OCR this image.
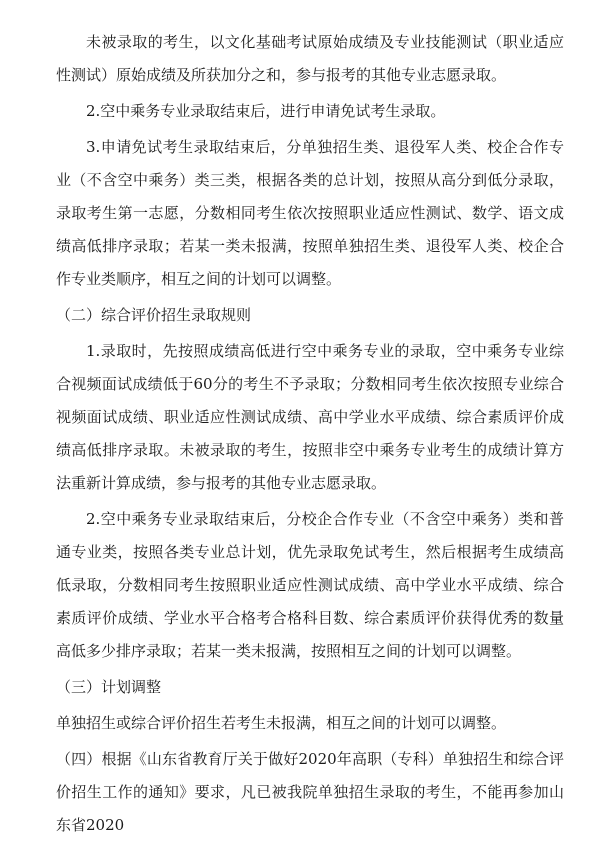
未被录取的考生，以文化基础考试原始成绩及专业技能测试（职业适应性测试）原始成绩及所获加分之和，参与报考的其他专业志愿录取。

2.空中乘务专业录取结束后，进行申请免试考生录取。

3.申请免试考生录取结束后，分单独招生类、退役军人类、校企合作专业（不含空中乘务）类三类，根据各类的总计划，按照从高分到低分录取，录取考生第一志愿，分数相同考生依次按照职业适应性测试、数学、语文成绩高低排序录取；若某一类未报满，按照单独招生类、退役军人类、校企合作专业类顺序，相互之间的计划可以调整。

（二）综合评价招生录取规则

1.录取时，先按照成绩高低进行空中乘务专业的录取，空中乘务专业综合视频面试成绩低于60分的考生不予录取；分数相同考生依次按照专业综合视频面试成绩、职业适应性测试成绩、高中学业水平成绩、综合素质评价成绩高低排序录取。未被录取的考生，按照非空中乘务专业考生的成绩计算方法重新计算成绩，参与报考的其他专业志愿录取。

2.空中乘务专业录取结束后，分校企合作专业（不含空中乘务）类和普通专业类，按照各类专业总计划，优先录取免试考生，然后根据考生成绩高低录取，分数相同考生按照职业适应性测试成绩、高中学业水平成绩、综合素质评价成绩、学业水平合格考合格科目数、综合素质评价获得优秀的数量高低多少排序录取；若某一类未报满，按照相互之间的计划可以调整。

（三）计划调整

单独招生或综合评价招生若考生未报满，相互之间的计划可以调整。

（四）根据《山东省教育厅关于做好2020年高职（专科）单独招生和综合评价招生工作的通知》要求，凡已被我院单独招生录取的考生，不能再参加山东省2020
